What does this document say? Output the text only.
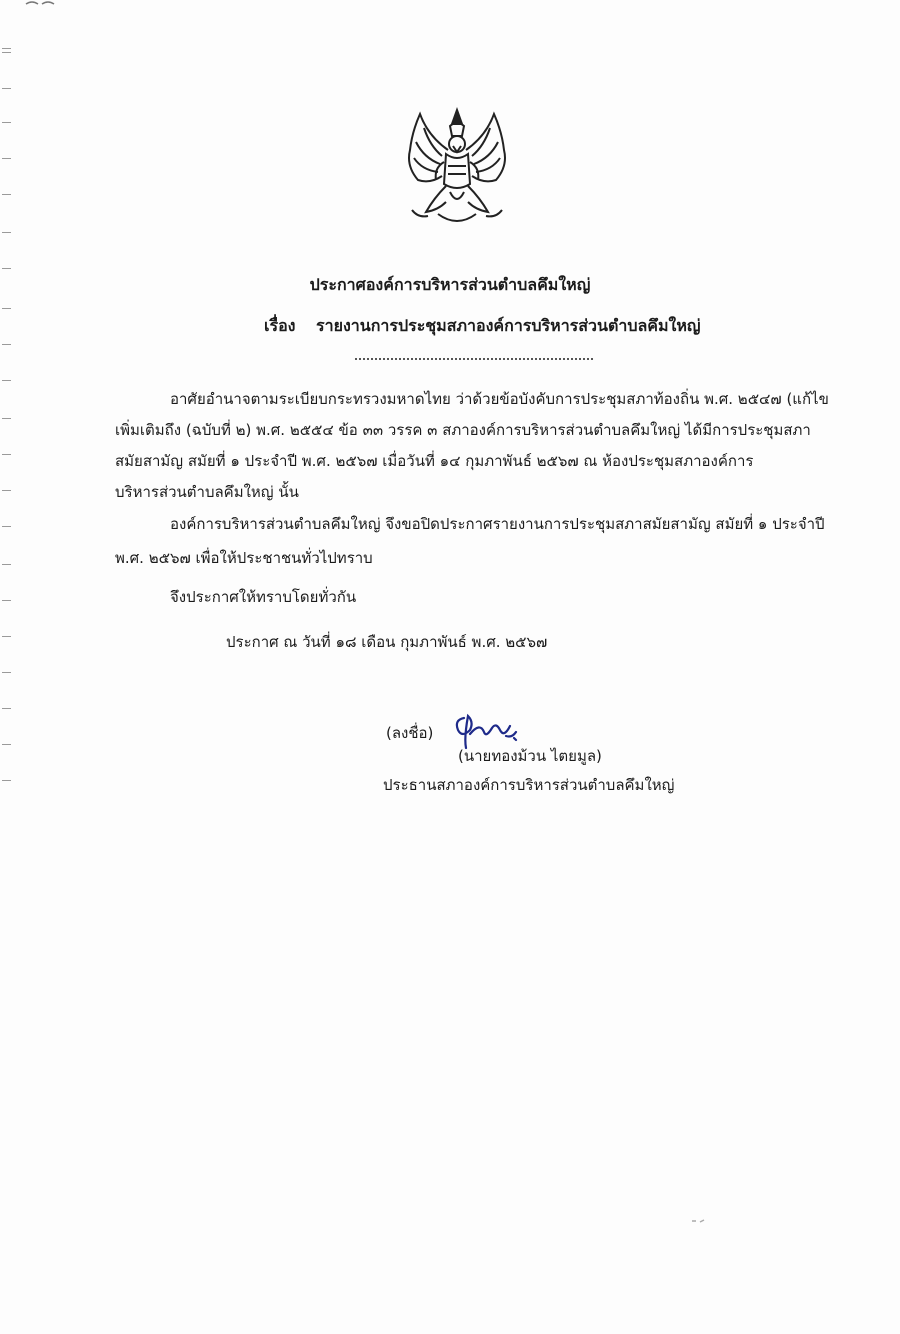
ประกาศองค์การบริหารส่วนตำบลคึมใหญ่
เรื่อง รายงานการประชุมสภาองค์การบริหารส่วนตำบลคึมใหญ่
อาศัยอำนาจตามระเบียบกระทรวงมหาดไทย ว่าด้วยข้อบังคับการประชุมสภาท้องถิ่น พ.ศ. ๒๕๔๗ (แก้ไข
เพิ่มเติมถึง (ฉบับที่ ๒) พ.ศ. ๒๕๕๔ ข้อ ๓๓ วรรค ๓ สภาองค์การบริหารส่วนตำบลคึมใหญ่ ได้มีการประชุมสภา
สมัยสามัญ สมัยที่ ๑ ประจำปี พ.ศ. ๒๕๖๗ เมื่อวันที่ ๑๔ กุมภาพันธ์ ๒๕๖๗ ณ ห้องประชุมสภาองค์การ
บริหารส่วนตำบลคึมใหญ่ นั้น
องค์การบริหารส่วนตำบลคึมใหญ่ จึงขอปิดประกาศรายงานการประชุมสภาสมัยสามัญ สมัยที่ ๑ ประจำปี
พ.ศ. ๒๕๖๗ เพื่อให้ประชาชนทั่วไปทราบ
จึงประกาศให้ทราบโดยทั่วกัน
ประกาศ ณ วันที่ ๑๘ เดือน กุมภาพันธ์ พ.ศ. ๒๕๖๗
(ลงชื่อ)
(นายทองม้วน ไตยมูล)
ประธานสภาองค์การบริหารส่วนตำบลคึมใหญ่
